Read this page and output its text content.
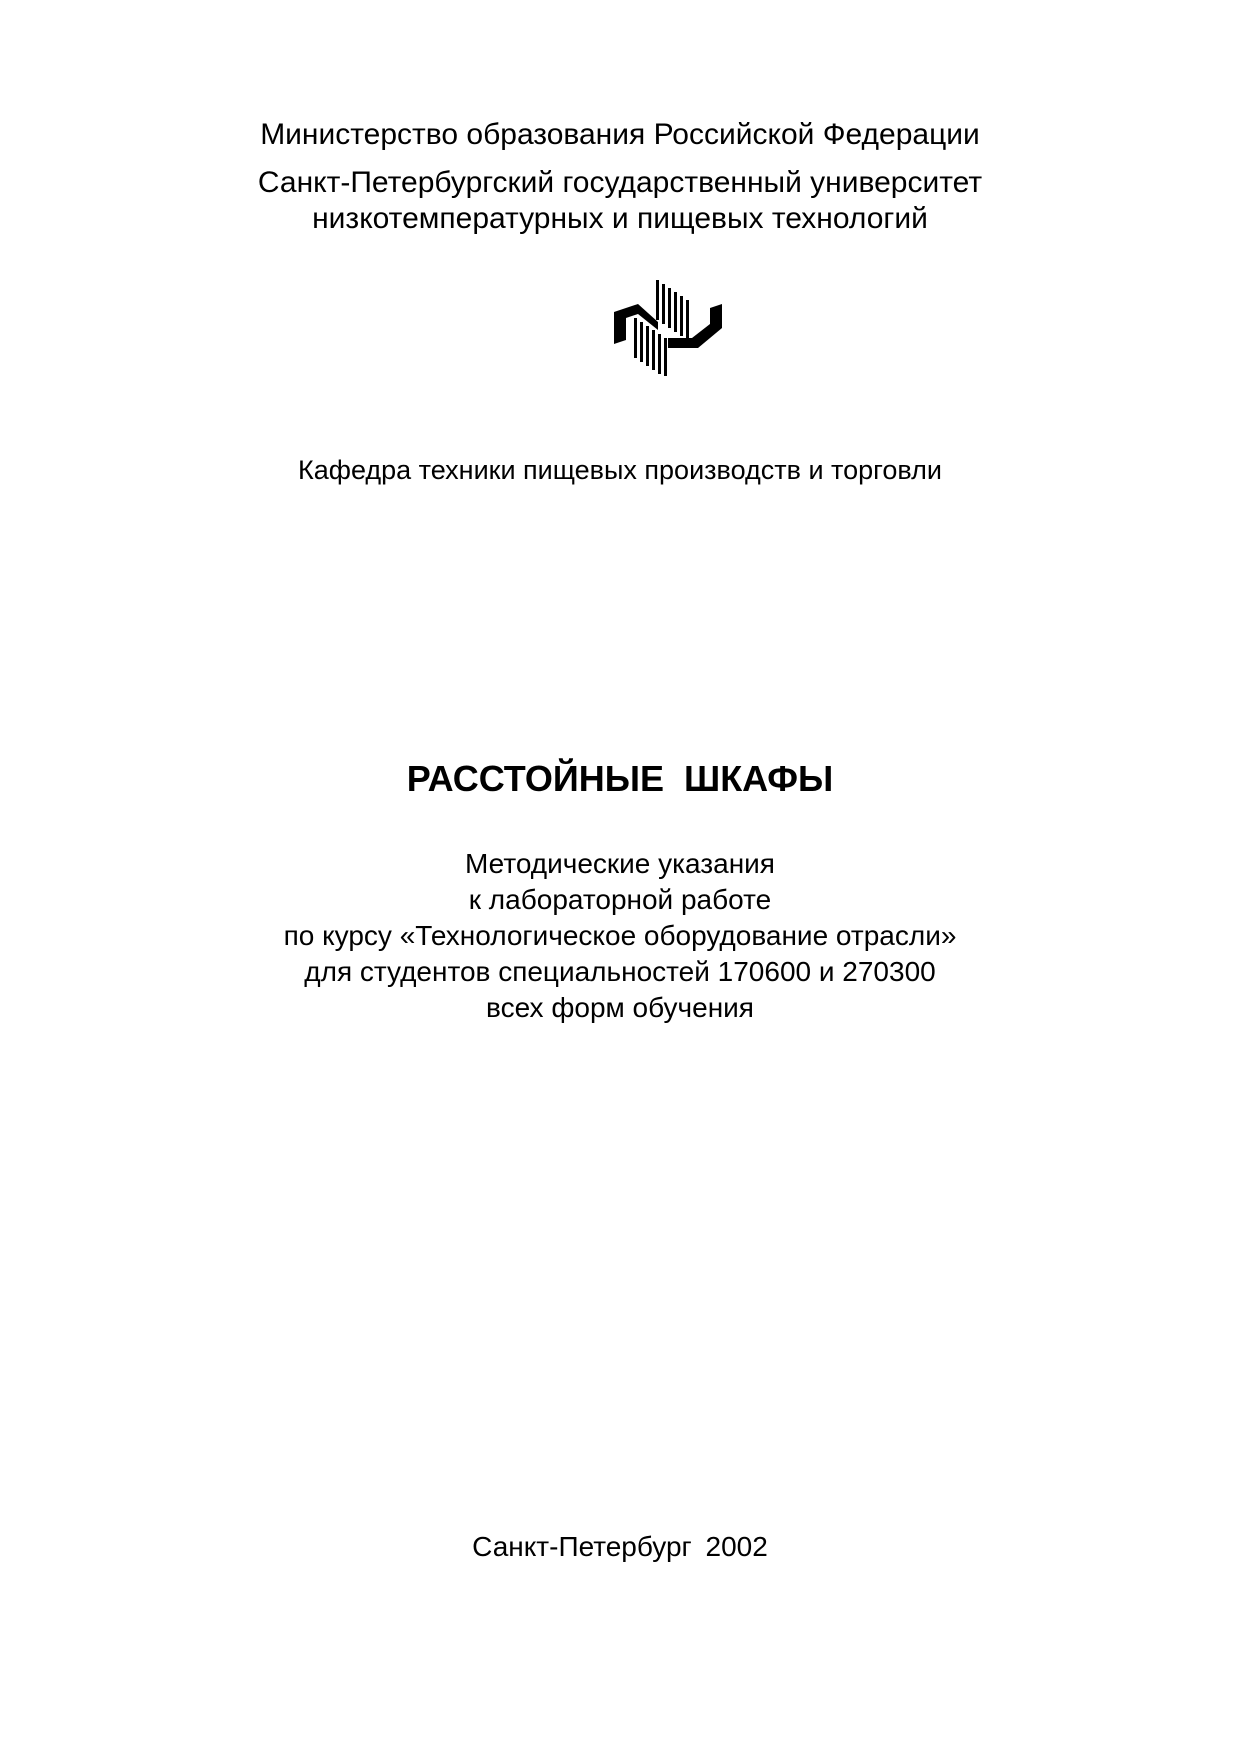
Министерство образования Российской Федерации
Санкт-Петербургский государственный университет
низкотемпературных и пищевых технологий
Кафедра техники пищевых производств и торговли
РАССТОЙНЫЕ ШКАФЫ
Методические указания
к лабораторной работе
по курсу «Технологическое оборудование отрасли»
для студентов специальностей 170600 и 270300
всех форм обучения
Санкт-Петербург 2002
